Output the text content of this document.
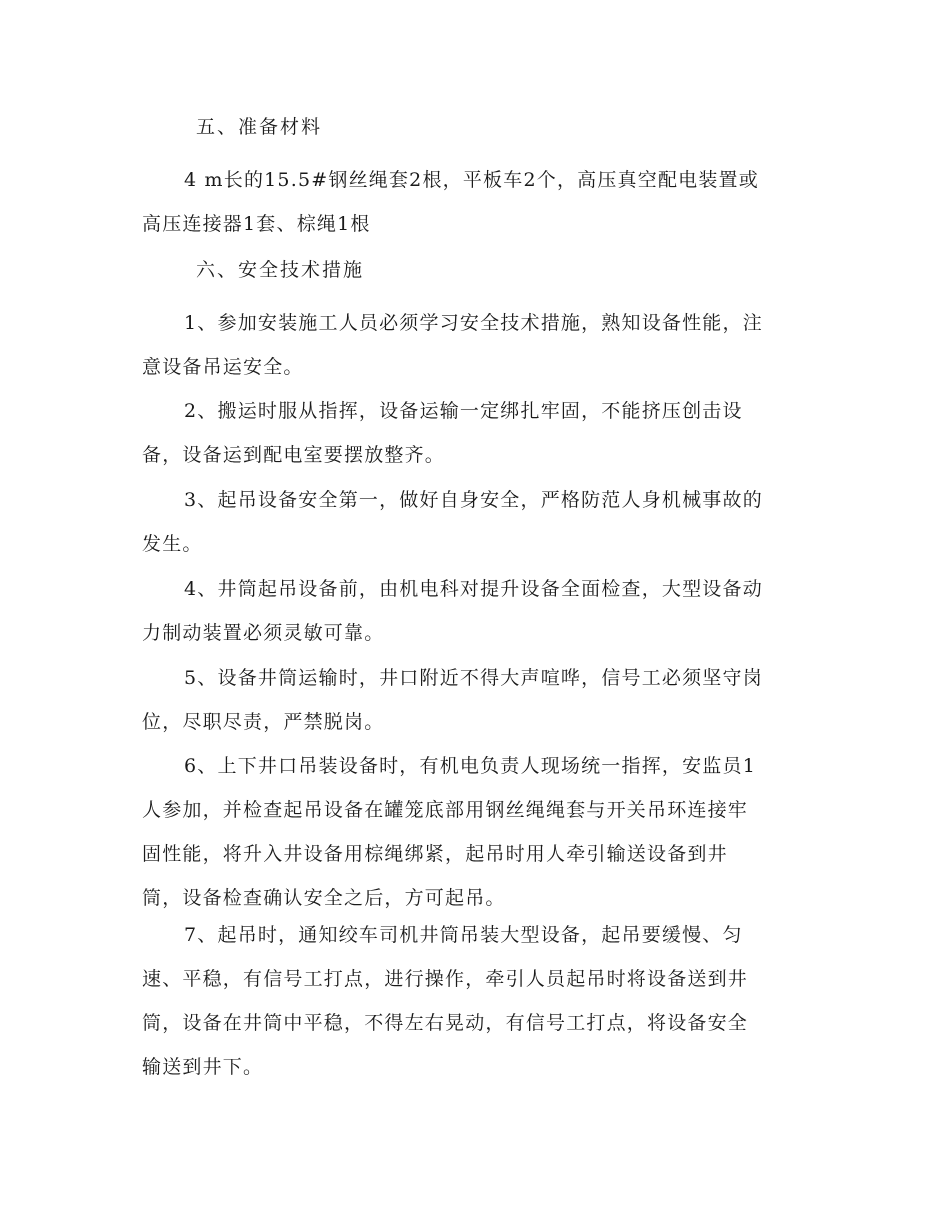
五、准备材料
4 m长的15.5#钢丝绳套2根，平板车2个，高压真空配电装置或
高压连接器1套、棕绳1根
六、安全技术措施
1、参加安装施工人员必须学习安全技术措施，熟知设备性能，注
意设备吊运安全。
2、搬运时服从指挥，设备运输一定绑扎牢固，不能挤压创击设
备，设备运到配电室要摆放整齐。
3、起吊设备安全第一，做好自身安全，严格防范人身机械事故的
发生。
4、井筒起吊设备前，由机电科对提升设备全面检查，大型设备动
力制动装置必须灵敏可靠。
5、设备井筒运输时，井口附近不得大声喧哗，信号工必须坚守岗
位，尽职尽责，严禁脱岗。
6、上下井口吊装设备时，有机电负责人现场统一指挥，安监员1
人参加，并检查起吊设备在罐笼底部用钢丝绳绳套与开关吊环连接牢
固性能，将升入井设备用棕绳绑紧，起吊时用人牵引输送设备到井
筒，设备检查确认安全之后，方可起吊。
7、起吊时，通知绞车司机井筒吊装大型设备，起吊要缓慢、匀
速、平稳，有信号工打点，进行操作，牵引人员起吊时将设备送到井
筒，设备在井筒中平稳，不得左右晃动，有信号工打点，将设备安全
输送到井下。
